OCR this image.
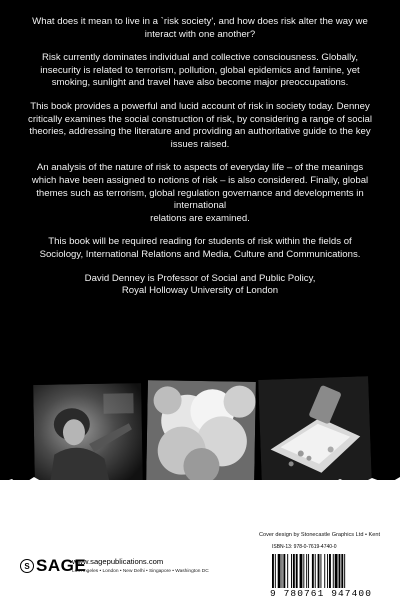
What does it mean to live in a `risk society', and how does risk alter the way we interact with one another?

Risk currently dominates individual and collective consciousness. Globally, insecurity is related to terrorism, pollution, global epidemics and famine, yet smoking, sunlight and travel have also become major preoccupations.

This book provides a powerful and lucid account of risk in society today. Denney critically examines the social construction of risk, by considering a range of social theories, addressing the literature and providing an authoritative guide to the key issues raised.

An analysis of the nature of risk to aspects of everyday life – of the meanings which have been assigned to notions of risk – is also considered. Finally, global themes such as terrorism, global regulation governance and developments in international

relations are examined.

This book will be required reading for students of risk within the fields of Sociology, International Relations and Media, Culture and Communications.

David Denney is Professor of Social and Public Policy,

Royal Holloway University of London

Cover design by Stonecastle Graphics Ltd • Kent
S SAGE
www.sagepublications.com
Los Angeles • London • New Delhi • Singapore • Washington DC
ISBN-13: 978-0-7619-4740-0
9 780761 947400
